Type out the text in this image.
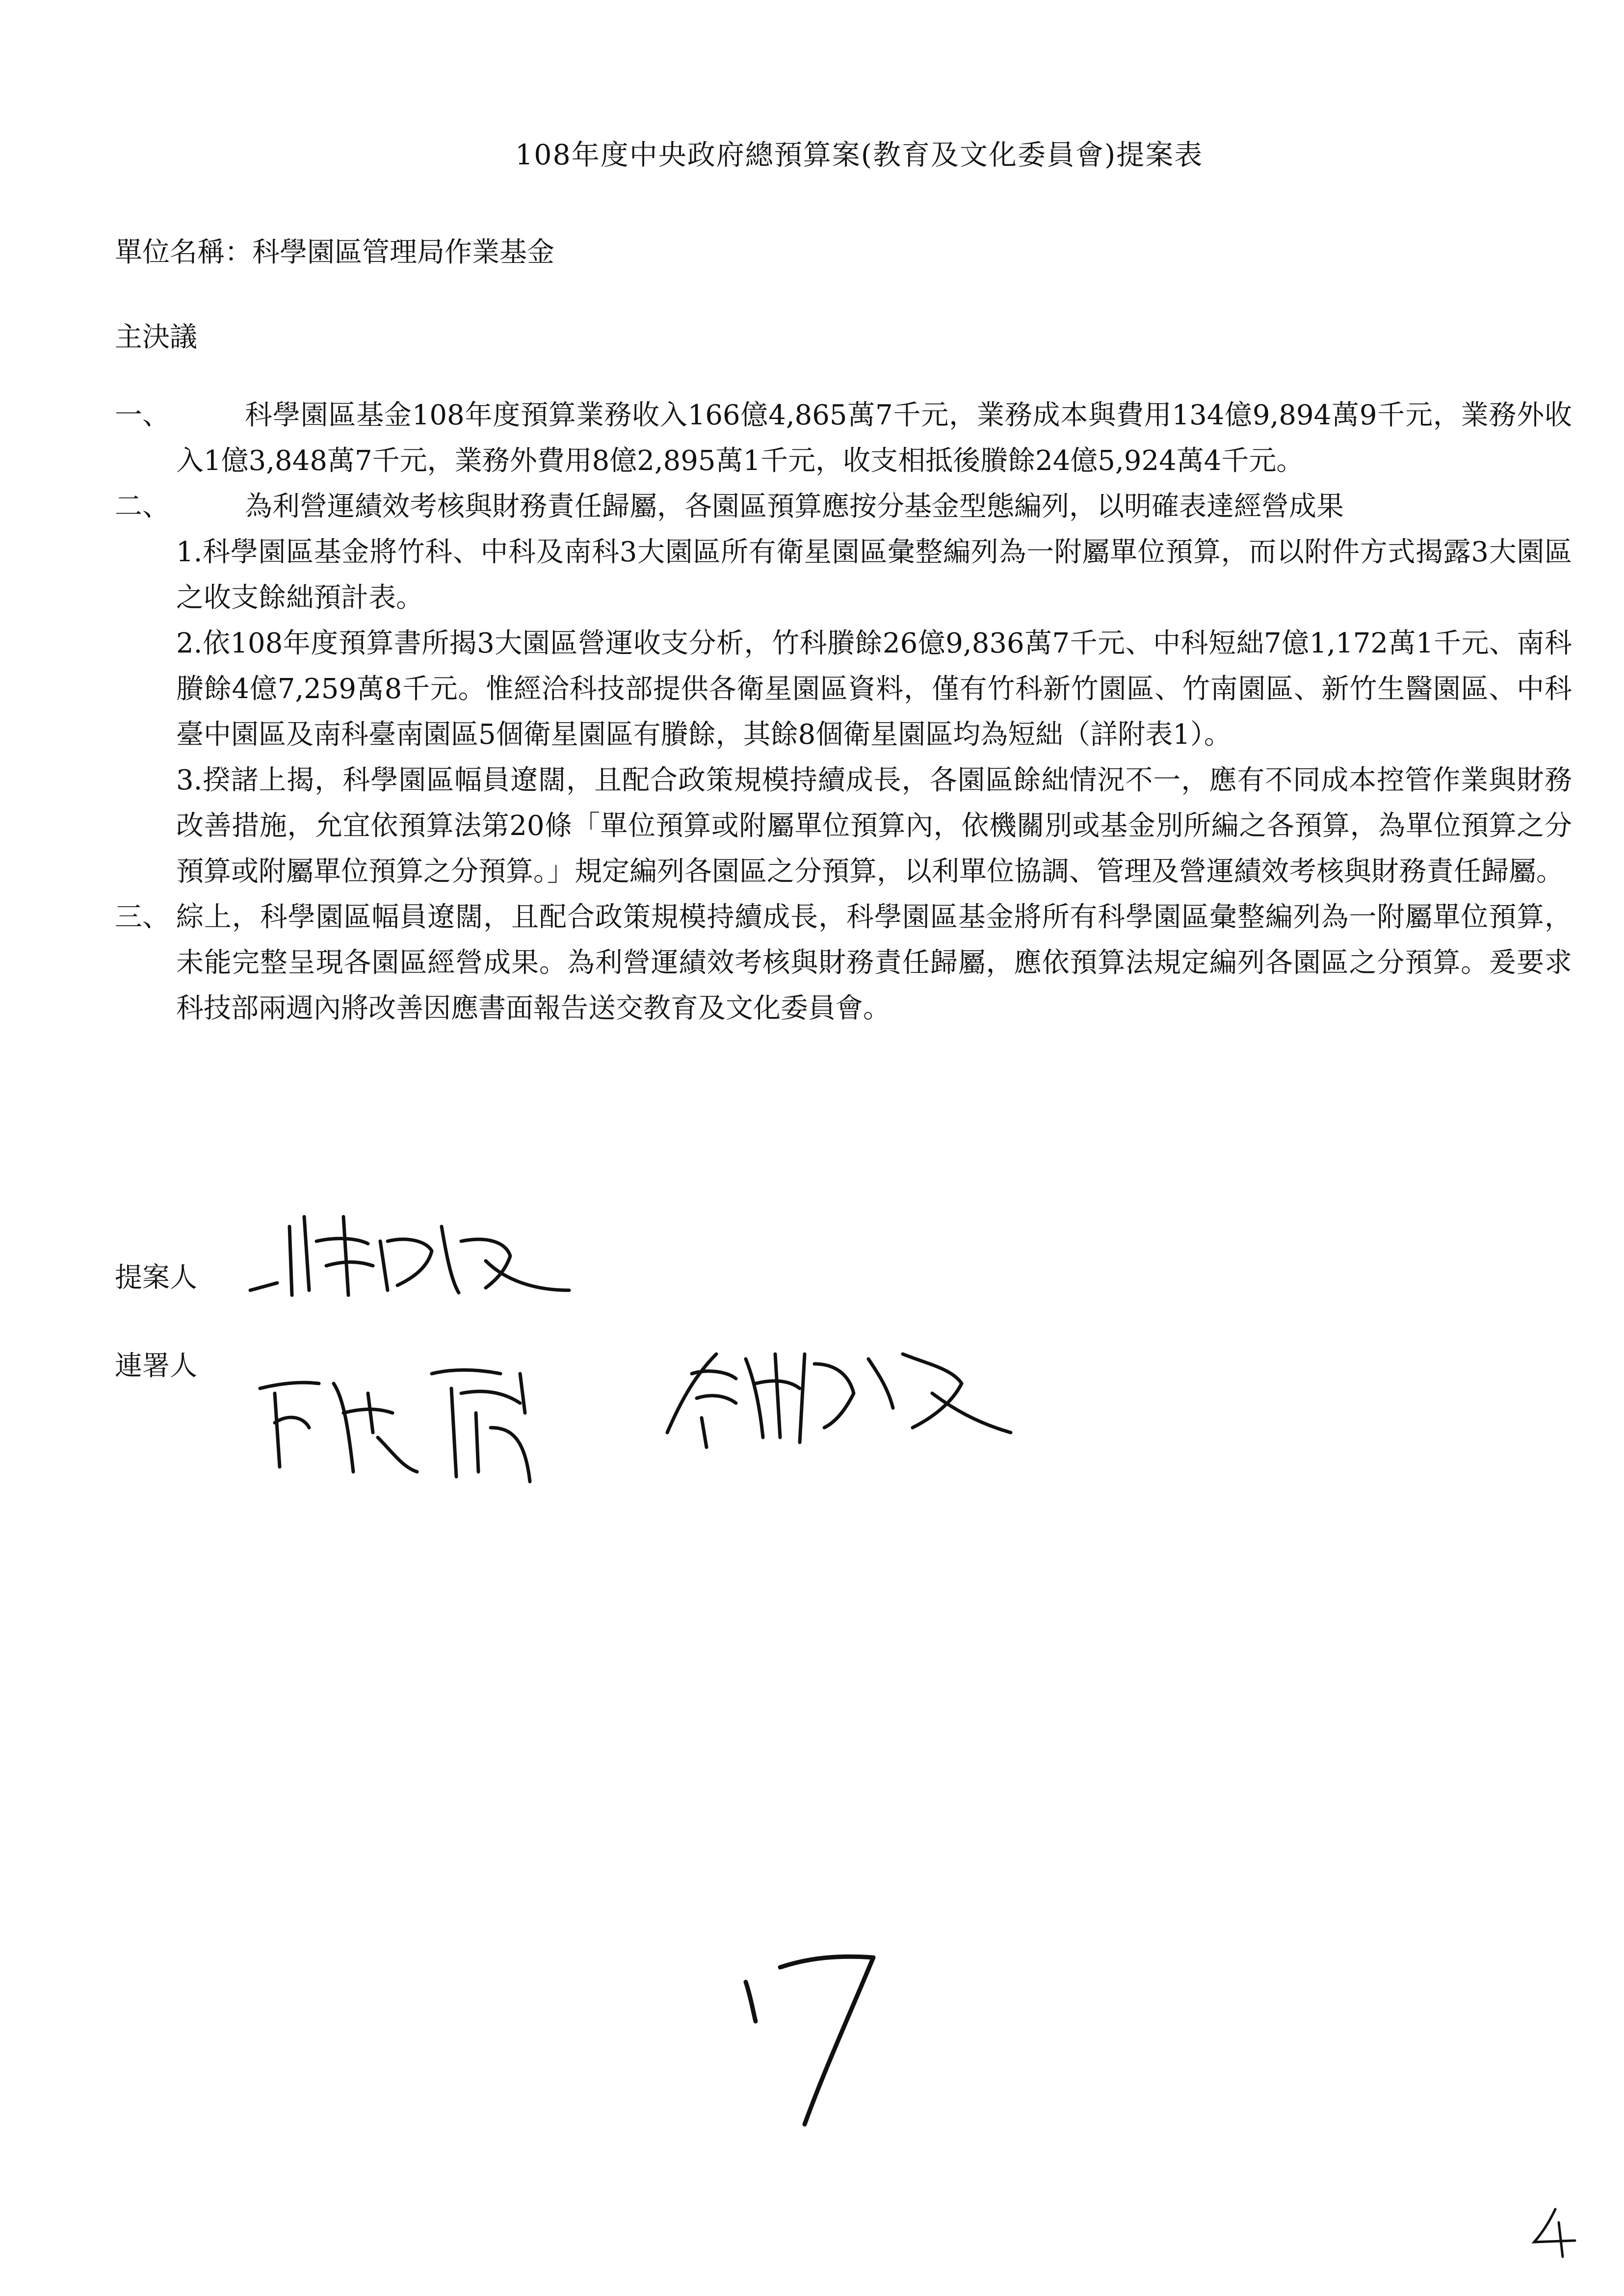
108年度中央政府總預算案(教育及文化委員會)提案表
單位名稱：科學園區管理局作業基金
主決議
一、	科學園區基金108年度預算業務收入166億4,865萬7千元，業務成本與費用134億9,894萬9千元，業務外收入1億3,848萬7千元，業務外費用8億2,895萬1千元，收支相抵後賸餘24億5,924萬4千元。

二、	為利營運績效考核與財務責任歸屬，各園區預算應按分基金型態編列，以明確表達經營成果

1.科學園區基金將竹科、中科及南科3大園區所有衛星園區彙整編列為一附屬單位預算，而以附件方式揭露3大園區之收支餘絀預計表。

2.依108年度預算書所揭3大園區營運收支分析，竹科賸餘26億9,836萬7千元、中科短絀7億1,172萬1千元、南科賸餘4億7,259萬8千元。惟經洽科技部提供各衛星園區資料，僅有竹科新竹園區、竹南園區、新竹生醫園區、中科臺中園區及南科臺南園區5個衛星園區有賸餘，其餘8個衛星園區均為短絀（詳附表1）。

3.揆諸上揭，科學園區幅員遼闊，且配合政策規模持續成長，各園區餘絀情況不一，應有不同成本控管作業與財務改善措施，允宜依預算法第20條「單位預算或附屬單位預算內，依機關別或基金別所編之各預算，為單位預算之分預算或附屬單位預算之分預算。」規定編列各園區之分預算，以利單位協調、管理及營運績效考核與財務責任歸屬。

三、 綜上，科學園區幅員遼闊，且配合政策規模持續成長，科學園區基金將所有科學園區彙整編列為一附屬單位預算，未能完整呈現各園區經營成果。為利營運績效考核與財務責任歸屬，應依預算法規定編列各園區之分預算。爰要求科技部兩週內將改善因應書面報告送交教育及文化委員會。

提案人
連署人
